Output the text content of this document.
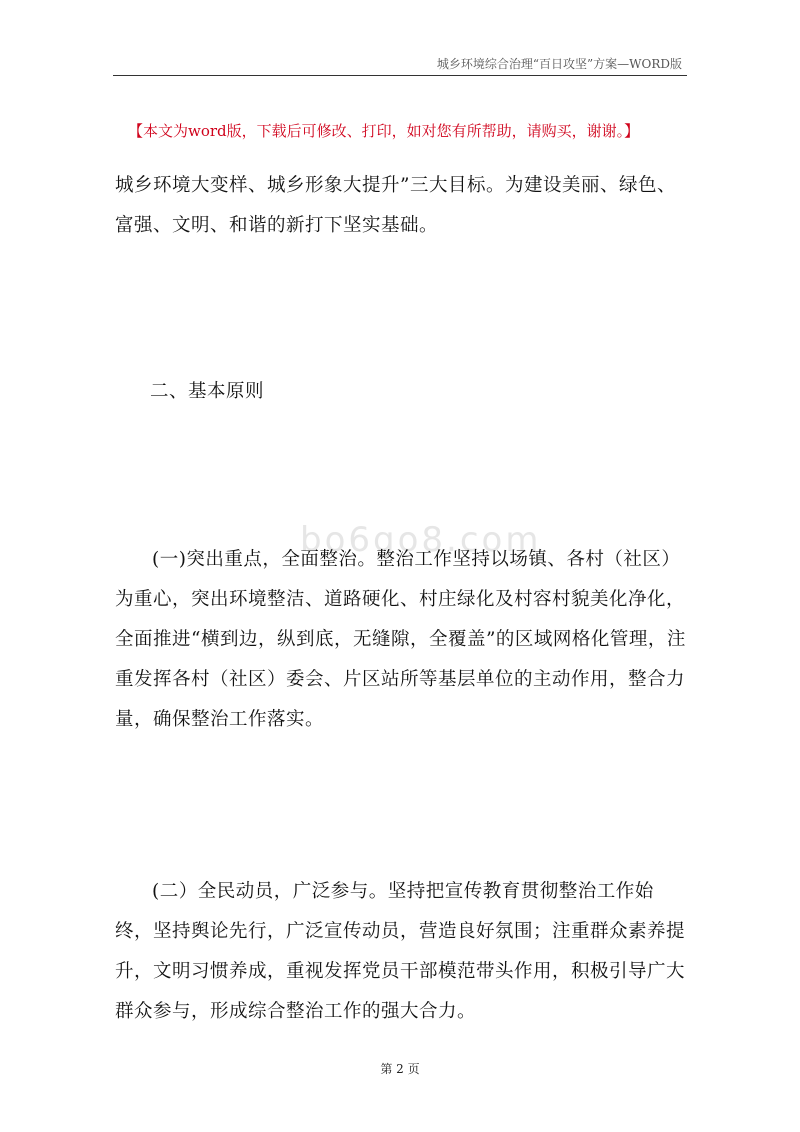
城乡环境综合治理“百日攻坚”方案—WORD版
bo6go8.com
【本文为word版，下载后可修改、打印，如对您有所帮助，请购买，谢谢。】
城乡环境大变样、城乡形象大提升”三大目标。为建设美丽、绿色、富强、文明、和谐的新打下坚实基础。
二、基本原则
(一)突出重点，全面整治。整治工作坚持以场镇、各村（社区）为重心，突出环境整洁、道路硬化、村庄绿化及村容村貌美化净化，全面推进“横到边，纵到底，无缝隙，全覆盖”的区域网格化管理，注重发挥各村（社区）委会、片区站所等基层单位的主动作用，整合力量，确保整治工作落实。
(二）全民动员，广泛参与。坚持把宣传教育贯彻整治工作始终，坚持舆论先行，广泛宣传动员，营造良好氛围；注重群众素养提升，文明习惯养成，重视发挥党员干部模范带头作用，积极引导广大群众参与，形成综合整治工作的强大合力。
第 2 页
